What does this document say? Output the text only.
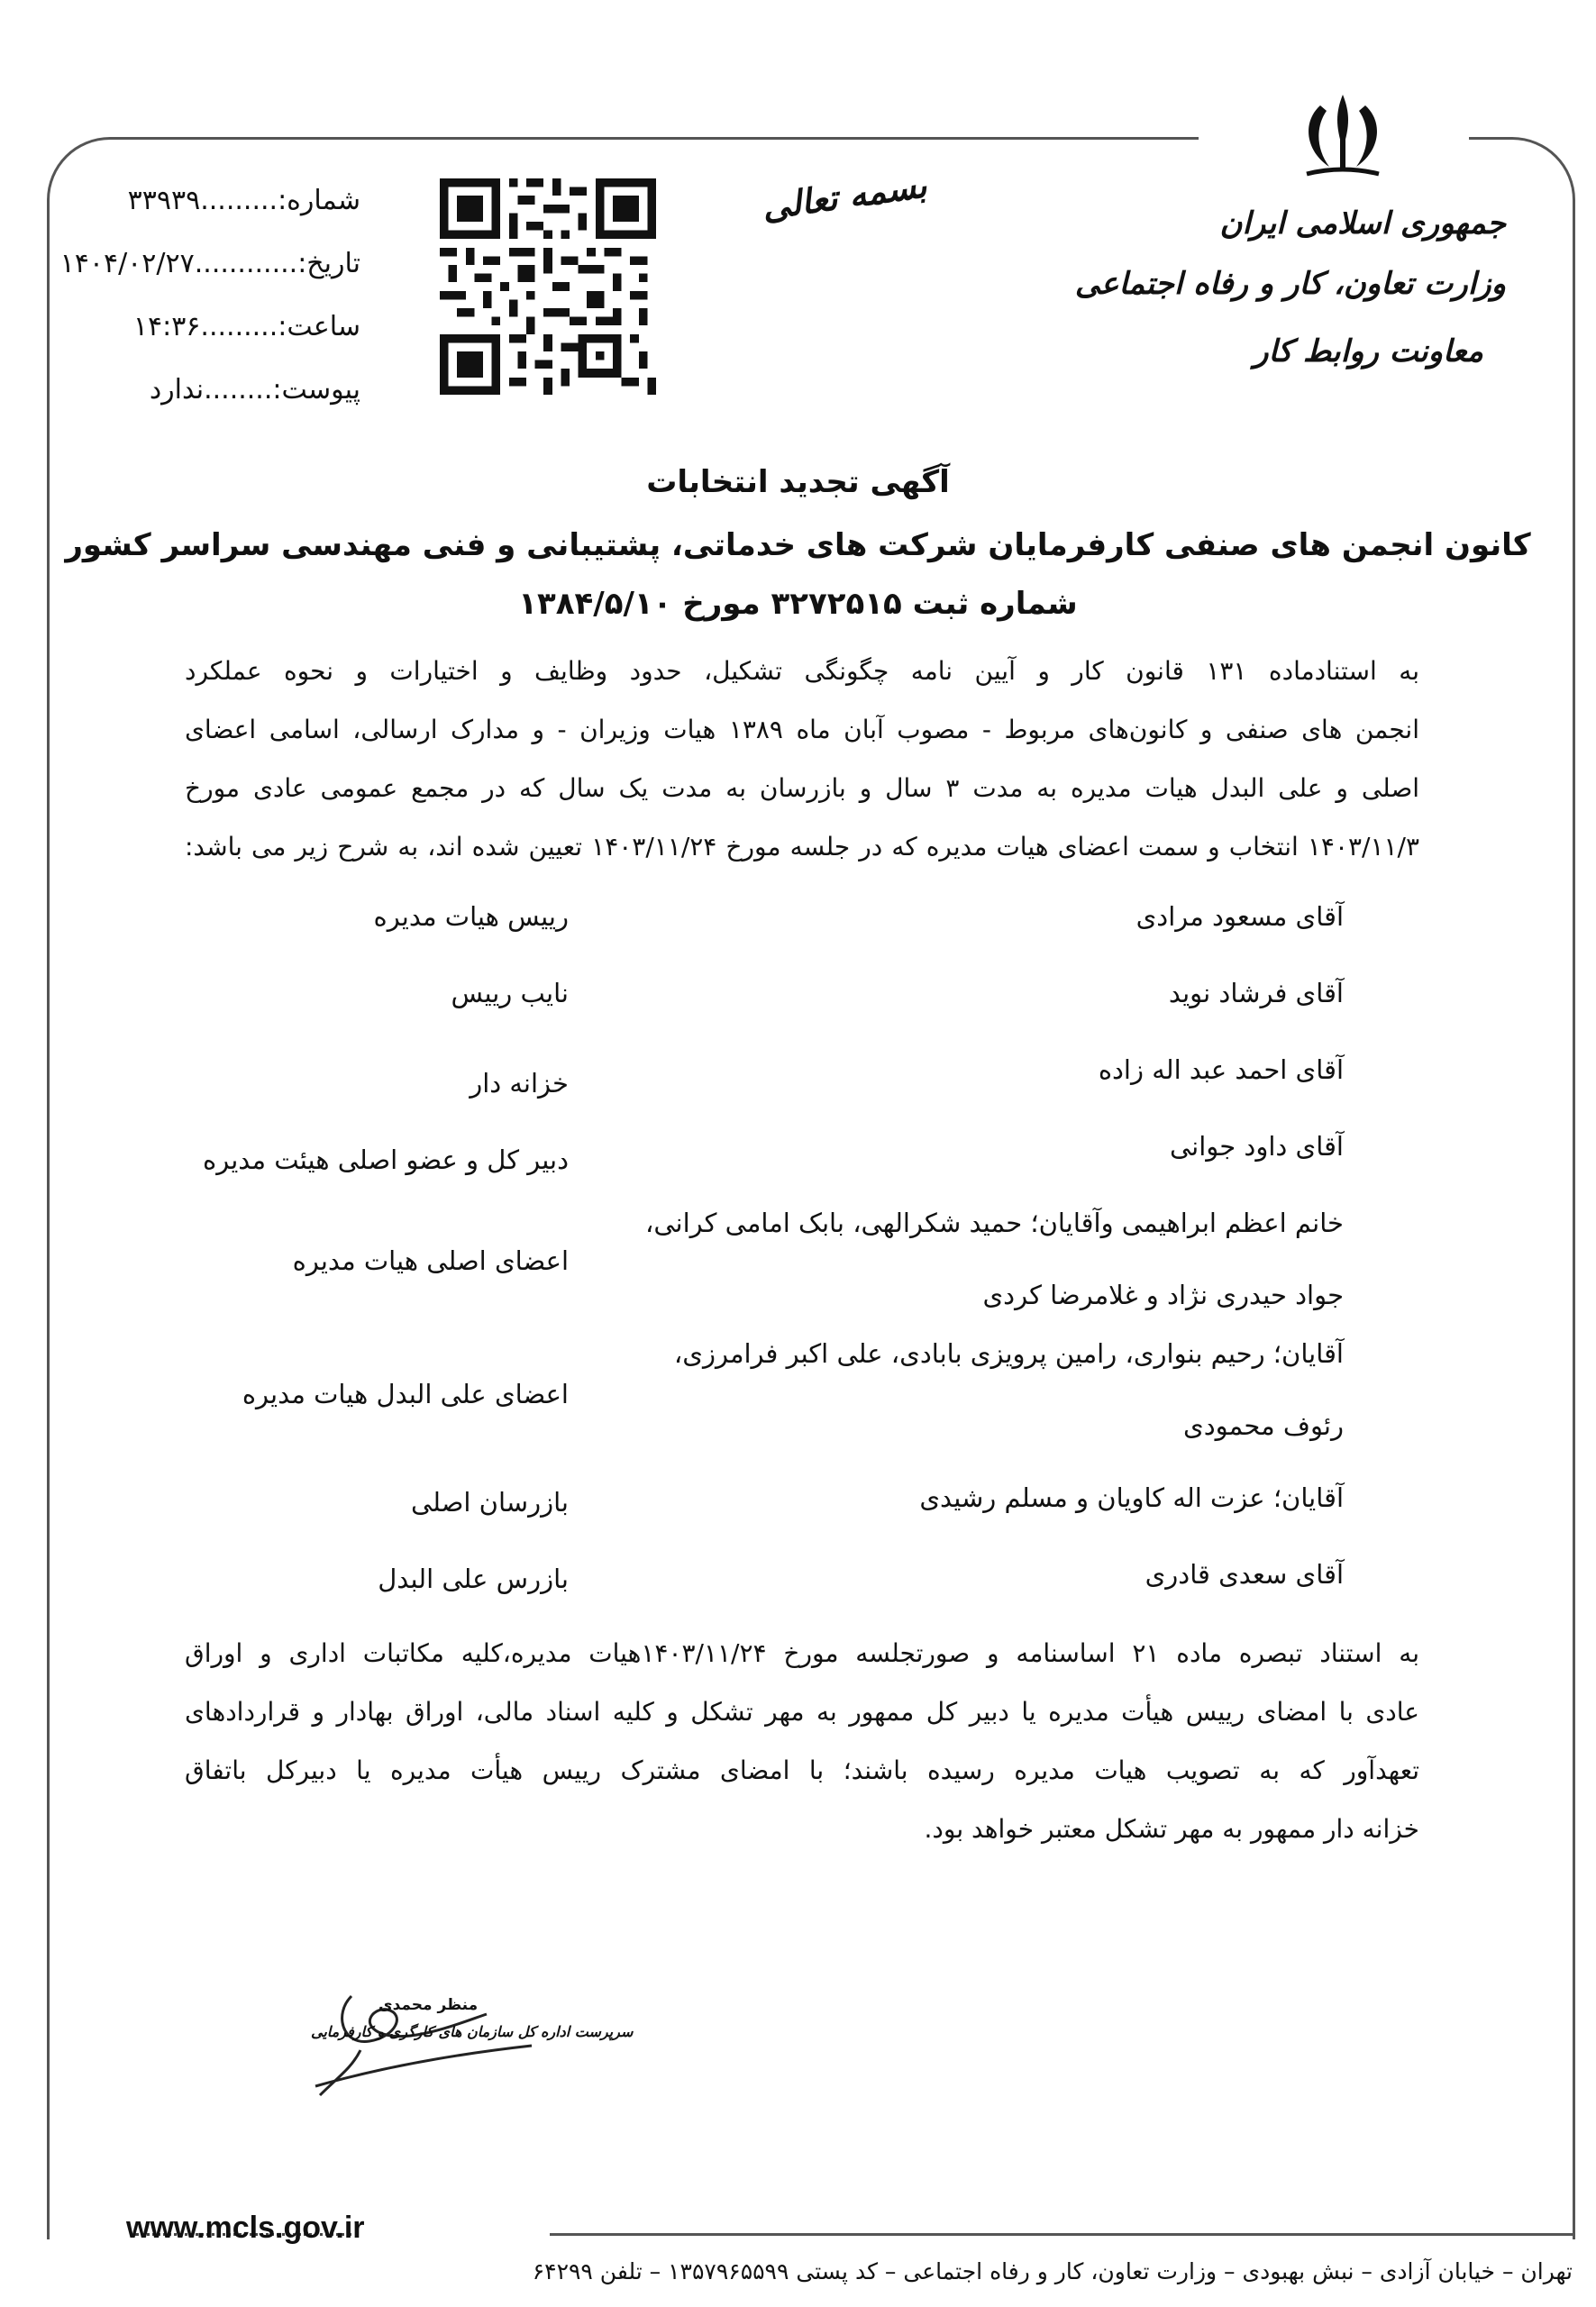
شماره:.........۳۳۹۳۹
تاریخ:............۱۴۰۴/۰۲/۲۷
ساعت:.........۱۴:۳۶
پیوست:........ندارد
بسمه تعالی	جمهوری اسلامی ایران
وزارت تعاون، کار و رفاه اجتماعی
معاونت روابط کار
آگهی تجدید انتخابات
کانون انجمن های صنفی کارفرمایان شرکت های خدماتی، پشتیبانی و فنی مهندسی سراسر کشور
شماره ثبت ۳۲۷۲۵۱۵ مورخ ۱۳۸۴/۵/۱۰
به استنادماده ۱۳۱ قانون کار و آیین نامه چگونگی تشکیل، حدود وظایف و اختیارات و نحوه عملکرد
انجمن های صنفی و کانون‌های مربوط - مصوب آبان ماه ۱۳۸۹ هیات وزیران - و مدارک ارسالی، اسامی اعضای
اصلی و علی البدل هیات مدیره به مدت ۳ سال و بازرسان به مدت یک سال که در مجمع عمومی عادی مورخ
۱۴۰۳/۱۱/۳ انتخاب و سمت اعضای هیات مدیره که در جلسه مورخ ۱۴۰۳/۱۱/۲۴ تعیین شده اند، به شرح زیر می باشد:
آقای مسعود مرادی
رییس هیات مدیره
آقای فرشاد نوید
نایب رییس
آقای احمد عبد اله زاده
خزانه دار
آقای داود جوانی
دبیر کل و عضو اصلی هیئت مدیره
خانم اعظم ابراهیمی وآقایان؛ حمید شکرالهی، بابک امامی کرانی،
جواد حیدری نژاد و غلامرضا کردی
اعضای اصلی هیات مدیره
آقایان؛ رحیم بنواری، رامین پرویزی بابادی، علی اکبر فرامرزی،
رئوف محمودی
اعضای علی البدل هیات مدیره
آقایان؛ عزت اله کاویان و مسلم رشیدی
بازرسان اصلی
آقای سعدی قادری
بازرس علی البدل
به استناد تبصره ماده ۲۱ اساسنامه و صورتجلسه مورخ ۱۴۰۳/۱۱/۲۴هیات مدیره،کلیه مکاتبات اداری و اوراق
عادی با امضای رییس هیأت مدیره یا دبیر کل ممهور به مهر تشکل و کلیه اسناد مالی، اوراق بهادار و قراردادهای
تعهدآور که به تصویب هیات مدیره رسیده باشند؛ با امضای مشترک رییس هیأت مدیره یا دبیرکل باتفاق
خزانه دار ممهور به مهر تشکل معتبر خواهد بود.
منظر محمدی
سرپرست اداره کل سازمان های کارگری و کارفرمایی
www.mcls.gov.ir
تهران – خیابان آزادی – نبش بهبودی – وزارت تعاون، کار و رفاه اجتماعی – کد پستی ۱۳۵۷۹۶۵۵۹۹ – تلفن ۶۴۲۹۹
